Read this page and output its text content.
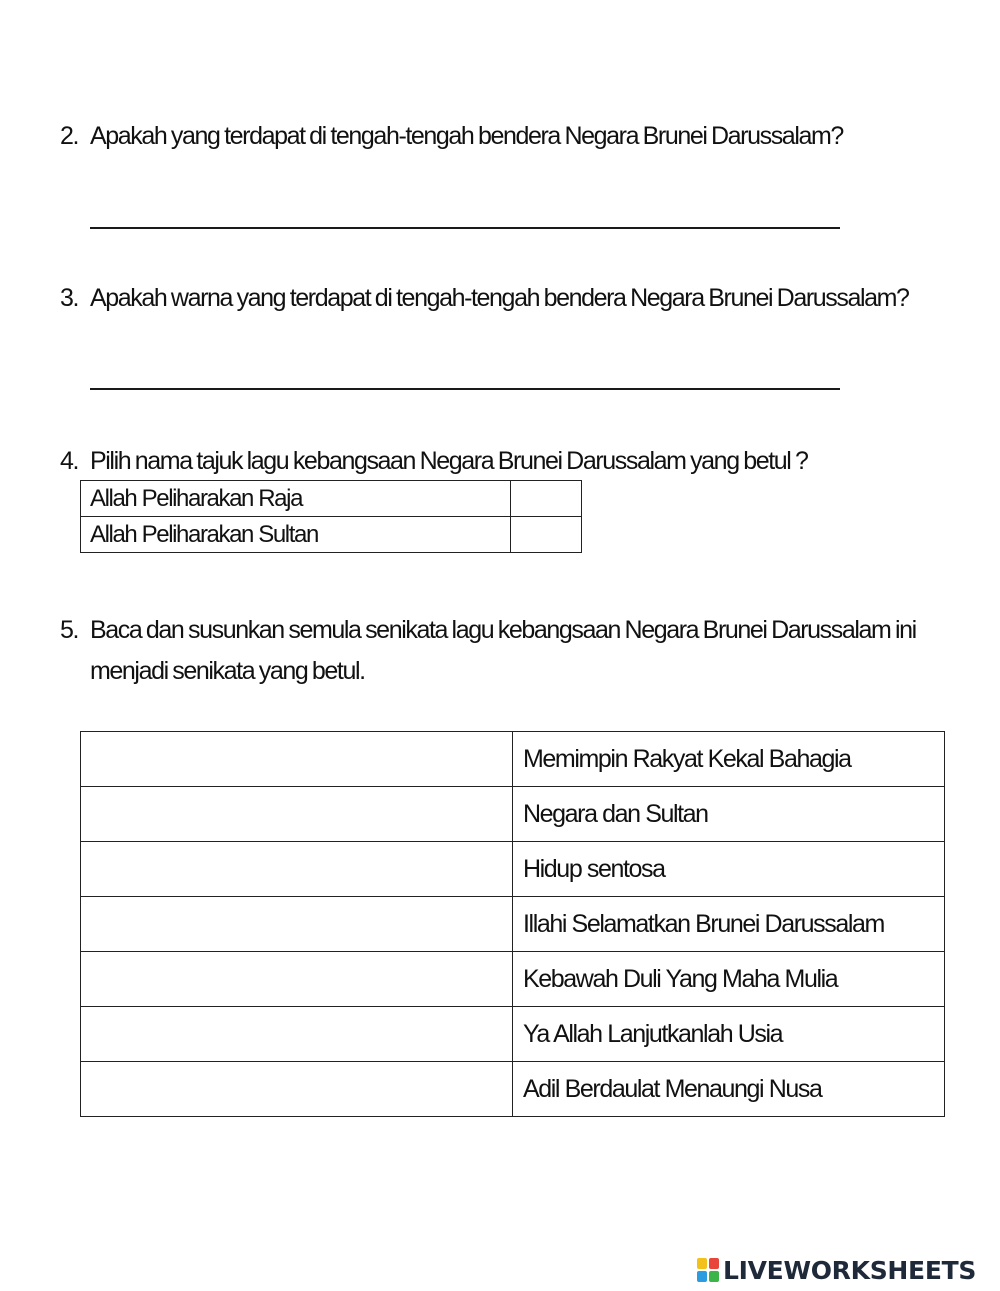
2. Apakah yang terdapat di tengah-tengah bendera Negara Brunei Darussalam?
3. Apakah warna yang terdapat di tengah-tengah bendera Negara Brunei Darussalam?
4. Pilih nama tajuk lagu kebangsaan Negara Brunei Darussalam yang betul ?
Allah Peliharakan Raja	
Allah Peliharakan Sultan	
5. Baca dan susunkan semula senikata lagu kebangsaan Negara Brunei Darussalam ini
menjadi senikata yang betul.
	Memimpin Rakyat Kekal Bahagia
	Negara dan Sultan
	Hidup sentosa
	Illahi Selamatkan Brunei Darussalam
	Kebawah Duli Yang Maha Mulia
	Ya Allah Lanjutkanlah Usia
	Adil Berdaulat Menaungi Nusa
LIVEWORKSHEETS
